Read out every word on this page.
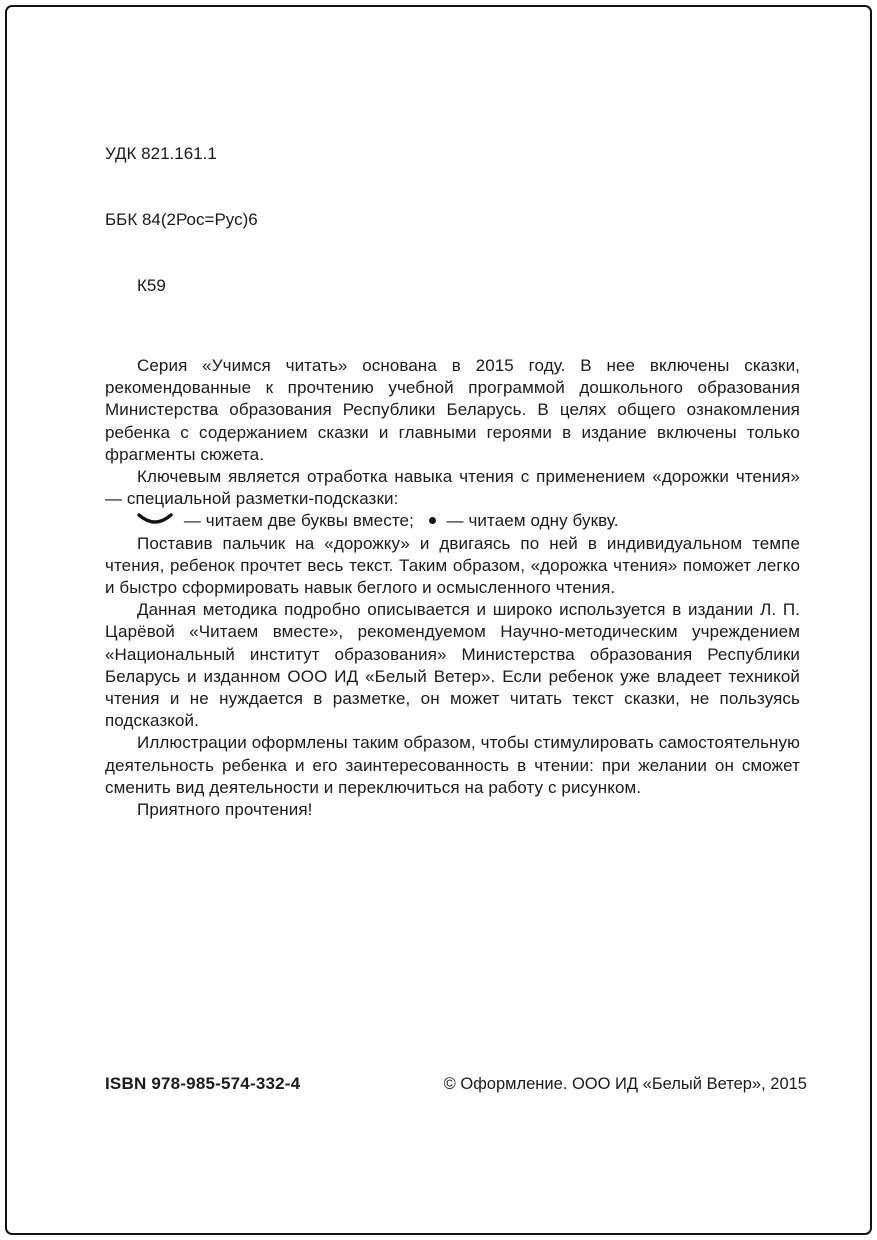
УДК 821.161.1

ББК 84(2Рос=Рус)6

К59

Серия «Учимся читать» основана в 2015 году. В нее включены сказки, рекомендованные к прочтению учебной программой дошкольного образования Министерства образования Республики Беларусь. В целях общего ознакомления ребенка с содержанием сказки и главными героями в издание включены только фрагменты сюжета.

Ключевым является отработка навыка чтения с применением «дорожки чтения» — специальной разметки-подсказки:

— читаем две буквы вместе; — читаем одну букву.

Поставив пальчик на «дорожку» и двигаясь по ней в индивидуальном темпе чтения, ребенок прочтет весь текст. Таким образом, «дорожка чтения» поможет легко и быстро сформировать навык беглого и осмысленного чтения.

Данная методика подробно описывается и широко используется в издании Л. П. Царёвой «Читаем вместе», рекомендуемом Научно-методическим учреждением «Национальный институт образования» Министерства образования Республики Беларусь и изданном ООО ИД «Белый Ветер». Если ребенок уже владеет техникой чтения и не нуждается в разметке, он может читать текст сказки, не пользуясь подсказкой.

Иллюстрации оформлены таким образом, чтобы стимулировать самостоятельную деятельность ребенка и его заинтересованность в чтении: при желании он сможет сменить вид деятельности и переключиться на работу с рисунком.

Приятного прочтения!

ISBN 978-985-574-332-4	© Оформление. ООО ИД «Белый Ветер», 2015
